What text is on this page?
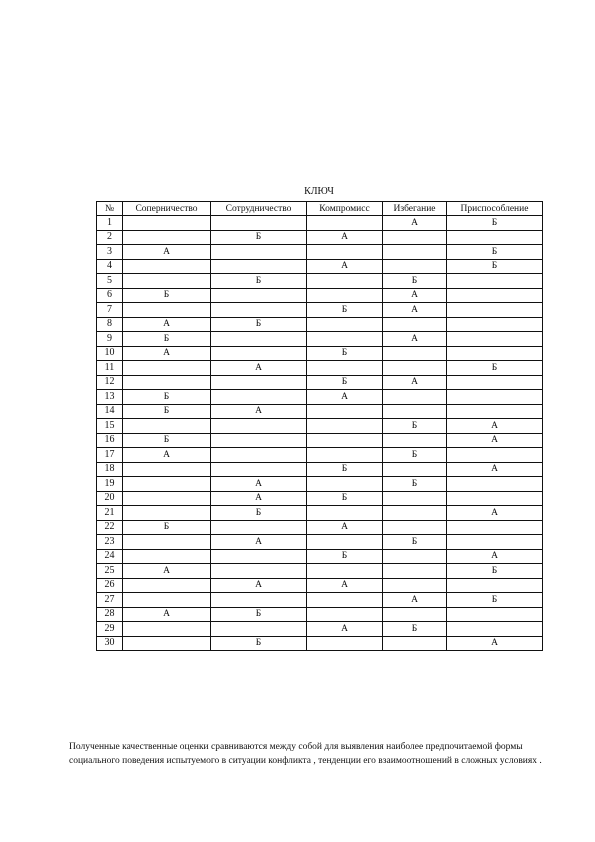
КЛЮЧ
№	Соперничество	Сотрудничество	Компромисс	Избегание	Приспособление
1				А	Б
2		Б	А		
3	А				Б
4			А		Б
5		Б		Б	
6	Б			А	
7			Б	А	
8	А	Б			
9	Б			А	
10	А		Б		
11		А			Б
12			Б	А	
13	Б		А		
14	Б	А			
15				Б	А
16	Б				А
17	А			Б	
18			Б		А
19		А		Б	
20		А	Б		
21		Б			А
22	Б		А		
23		А		Б	
24			Б		А
25	А				Б
26		А	А		
27				А	Б
28	А	Б			
29			А	Б	
30		Б			А

Полученные качественные оценки сравниваются между собой для выявления наиболее предпочитаемой формы социального поведения испытуемого в ситуации конфликта , тенденции его взаимоотношений в сложных условиях .
